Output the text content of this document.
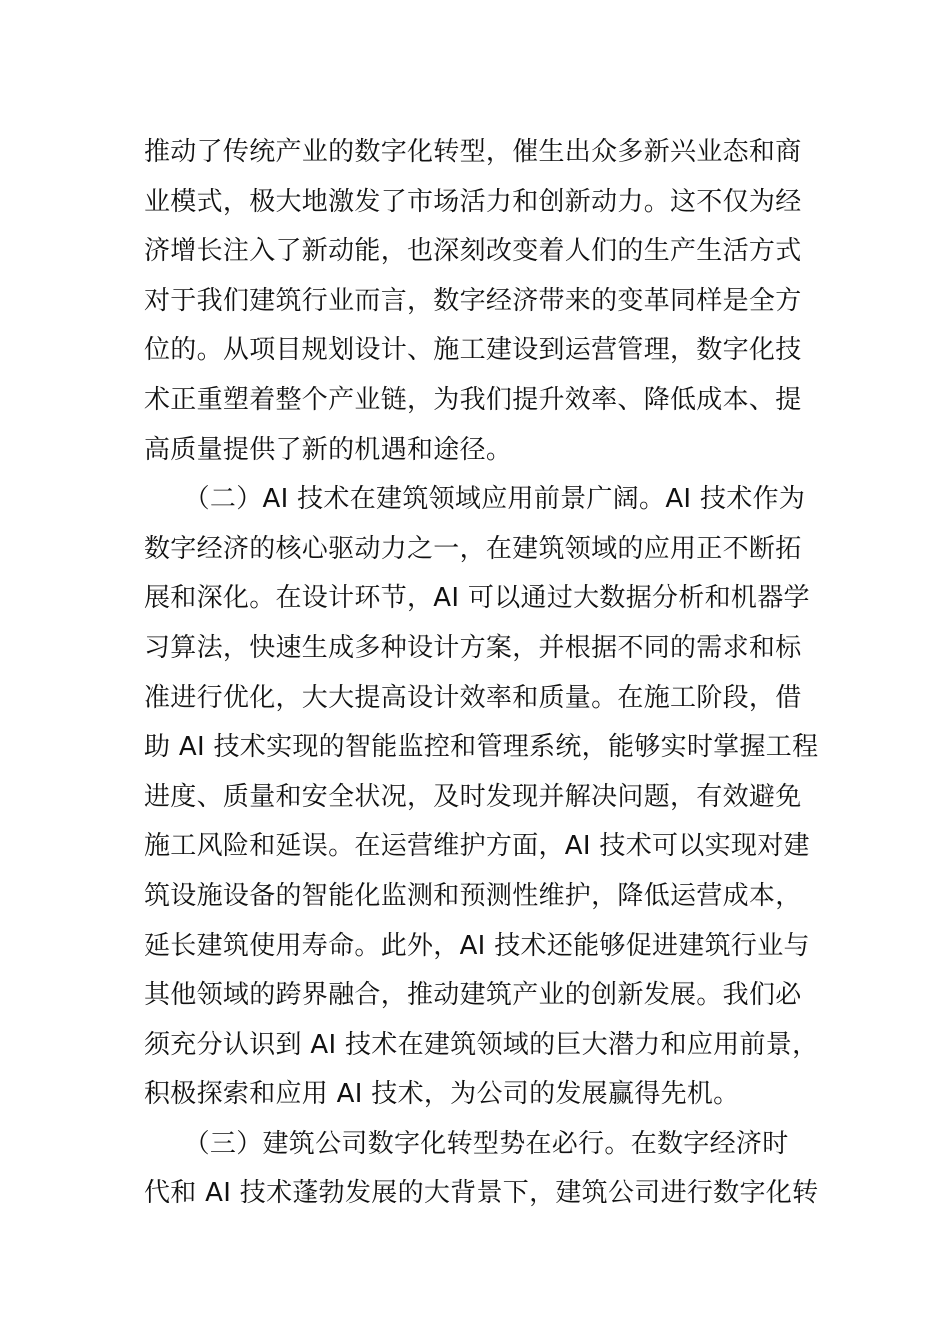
推动了传统产业的数字化转型，催生出众多新兴业态和商
业模式，极大地激发了市场活力和创新动力。这不仅为经
济增长注入了新动能，也深刻改变着人们的生产生活方式
对于我们建筑行业而言，数字经济带来的变革同样是全方
位的。从项目规划设计、施工建设到运营管理，数字化技
术正重塑着整个产业链，为我们提升效率、降低成本、提
高质量提供了新的机遇和途径。
　　（二）AI 技术在建筑领域应用前景广阔。AI 技术作为
数字经济的核心驱动力之一，在建筑领域的应用正不断拓
展和深化。在设计环节，AI 可以通过大数据分析和机器学
习算法，快速生成多种设计方案，并根据不同的需求和标
准进行优化，大大提高设计效率和质量。在施工阶段，借
助 AI 技术实现的智能监控和管理系统，能够实时掌握工程
进度、质量和安全状况，及时发现并解决问题，有效避免
施工风险和延误。在运营维护方面，AI 技术可以实现对建
筑设施设备的智能化监测和预测性维护，降低运营成本，
延长建筑使用寿命。此外，AI 技术还能够促进建筑行业与
其他领域的跨界融合，推动建筑产业的创新发展。我们必
须充分认识到 AI 技术在建筑领域的巨大潜力和应用前景，
积极探索和应用 AI 技术，为公司的发展赢得先机。
　　（三）建筑公司数字化转型势在必行。在数字经济时
代和 AI 技术蓬勃发展的大背景下，建筑公司进行数字化转
